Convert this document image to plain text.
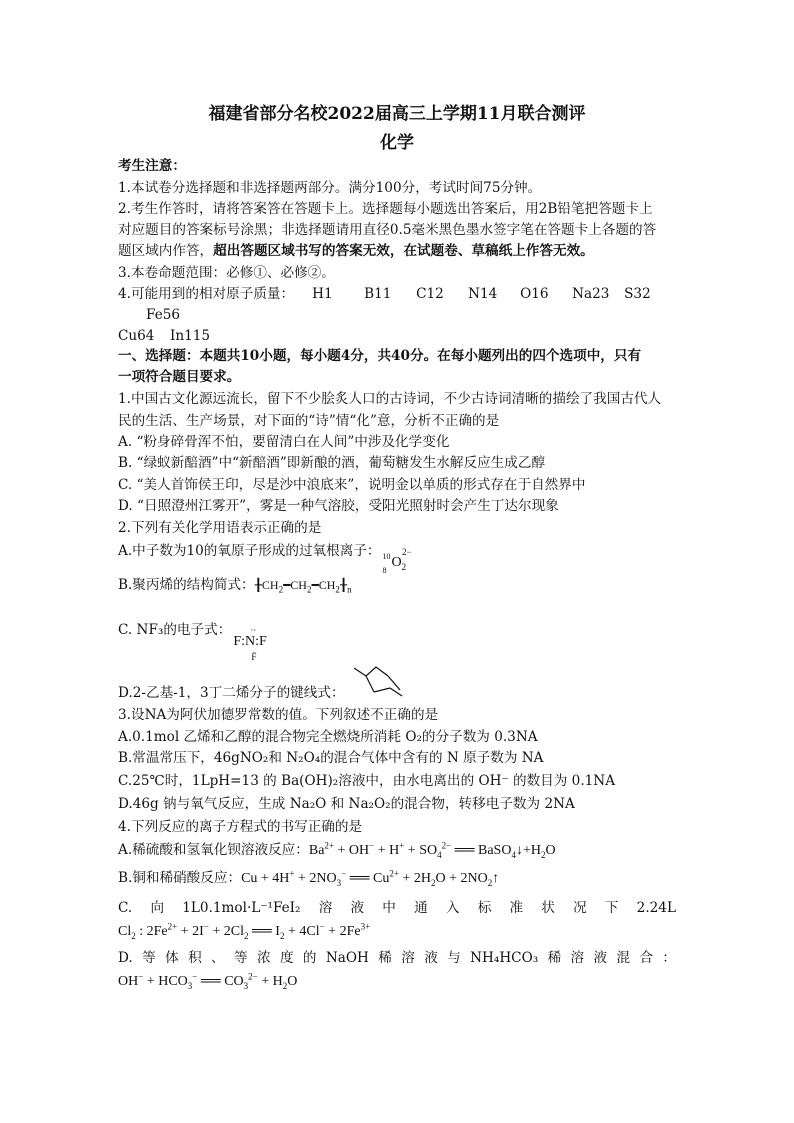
福建省部分名校2022届高三上学期11月联合测评
化学
考生注意：
1.本试卷分选择题和非选择题两部分。满分100分，考试时间75分钟。
2.考生作答时，请将答案答在答题卡上。选择题每小题选出答案后，用2B铅笔把答题卡上
对应题目的答案标号涂黑；非选择题请用直径0.5毫米黑色墨水签字笔在答题卡上各题的答
题区域内作答，超出答题区域书写的答案无效，在试题卷、草稿纸上作答无效。
3.本卷命题范围：必修①、必修②。
4.可能用到的相对原子质量： H1 B11 C12 N14 O16 Na23 S32
Fe56
Cu64 In115
一、选择题：本题共10小题，每小题4分，共40分。在每小题列出的四个选项中，只有
一项符合题目要求。
1.中国古文化源远流长，留下不少脍炙人口的古诗词，不少古诗词清晰的描绘了我国古代人
民的生活、生产场景，对下面的“诗”情“化”意，分析不正确的是
A. “粉身碎骨浑不怕，要留清白在人间”中涉及化学变化
B. “绿蚁新醅酒”中“新醅酒”即新酿的酒，葡萄糖发生水解反应生成乙醇
C. “美人首饰侯王印，尽是沙中浪底来”，说明金以单质的形式存在于自然界中
D. “日照澄州江雾开”，雾是一种气溶胶，受阳光照射时会产生丁达尔现象
2.下列有关化学用语表示正确的是
A.中子数为10的氧原子形成的过氧根离子： 10
8
$O_2^{2-}$
B.聚丙烯的结构简式：$╂CH_2━CH_2━CH_2╂_n$
C. NF₃的电子式：
F:N:F
··
F̈
D.2-乙基-1，3丁二烯分子的键线式：
3.设NA为阿伏加德罗常数的值。下列叙述不正确的是
A.0.1mol 乙烯和乙醇的混合物完全燃烧所消耗 O₂的分子数为 0.3NA
B.常温常压下，46gNO₂和 N₂O₄的混合气体中含有的 N 原子数为 NA
C.25℃时，1LpH=13 的 Ba(OH)₂溶液中，由水电离出的 OH⁻ 的数目为 0.1NA
D.46g 钠与氧气反应，生成 Na₂O 和 Na₂O₂的混合物，转移电子数为 2NA
4.下列反应的离子方程式的书写正确的是
A.稀硫酸和氢氧化钡溶液反应：$Ba^{2+} + OH^- + H^+ + SO_4^{2-}$ ══ $BaSO_4↓+H_2O$
B.铜和稀硝酸反应：$Cu + 4H^+ + 2NO_3^-$ ══ $Cu^{2+} + 2H_2O$ + $2NO_2↑$
C. 向 1L0.1mol·L⁻¹FeI₂ 溶 液 中 通 入 标 准 状 况 下 2.24L
$Cl_2$ : $2Fe^{2+} + 2I^- + 2Cl_2$ ══ $I_2 + 4Cl^- + 2Fe^{3+}$
D. 等 体 积 、 等 浓 度 的 NaOH 稀 溶 液 与 NH₄HCO₃ 稀 溶 液 混 合 ：
$OH^- + HCO_3^-$ ══ $CO_3^{2-} + H_2O$
